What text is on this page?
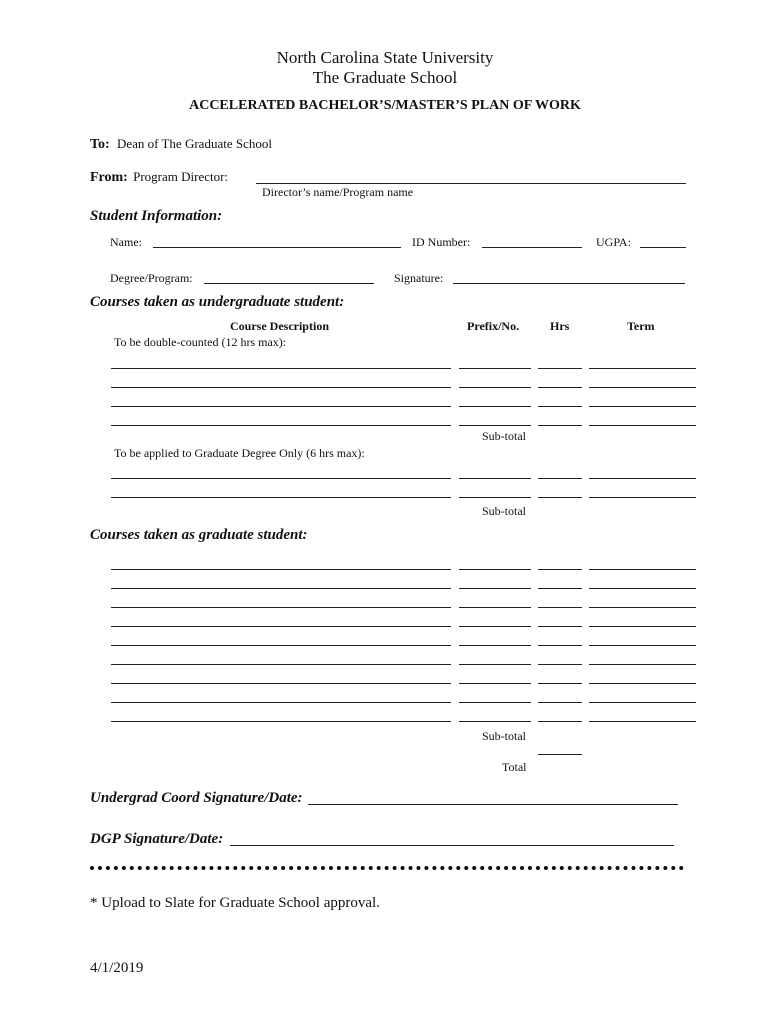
North Carolina State University
The Graduate School
ACCELERATED BACHELOR’S/MASTER’S PLAN OF WORK
To: Dean of The Graduate School
From: Program Director:
Director’s name/Program name
Student Information:
Name:	ID Number:	UGPA:
Degree/Program:	Signature:
Courses taken as undergraduate student:
Course Description	Prefix/No.	Hrs	Term
To be double-counted (12 hrs max):
Sub-total
To be applied to Graduate Degree Only (6 hrs max):
Sub-total
Courses taken as graduate student:
Sub-total
Total
Undergrad Coord Signature/Date:
DGP Signature/Date:
* Upload to Slate for Graduate School approval.
4/1/2019
